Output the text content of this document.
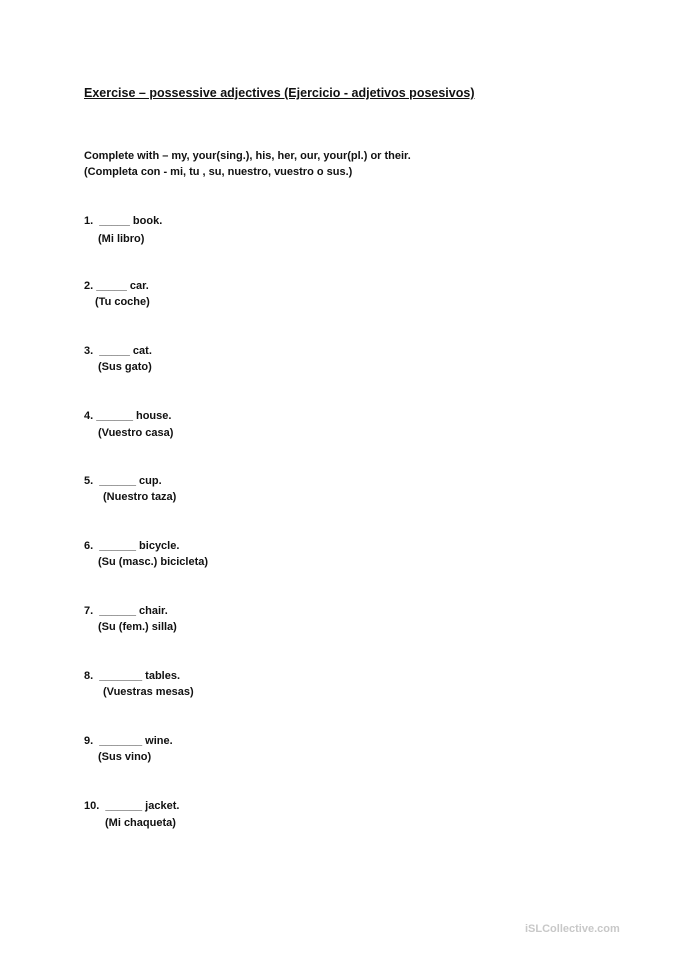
Exercise – possessive adjectives (Ejercicio - adjetivos posesivos)
Complete with – my, your(sing.), his, her, our, your(pl.) or their.
(Completa con - mi, tu , su, nuestro, vuestro o sus.)
1.  _____ book.
(Mi libro)
2. _____ car.
(Tu coche)
3.  _____ cat.
(Sus gato)
4. ______ house.
(Vuestro casa)
5.  ______ cup.
(Nuestro taza)
6.  ______ bicycle.
(Su (masc.) bicicleta)
7.  ______ chair.
(Su (fem.) silla)
8.  _______ tables.
(Vuestras mesas)
9.  _______ wine.
(Sus vino)
10.  ______ jacket.
(Mi chaqueta)
iSLCollective.com
